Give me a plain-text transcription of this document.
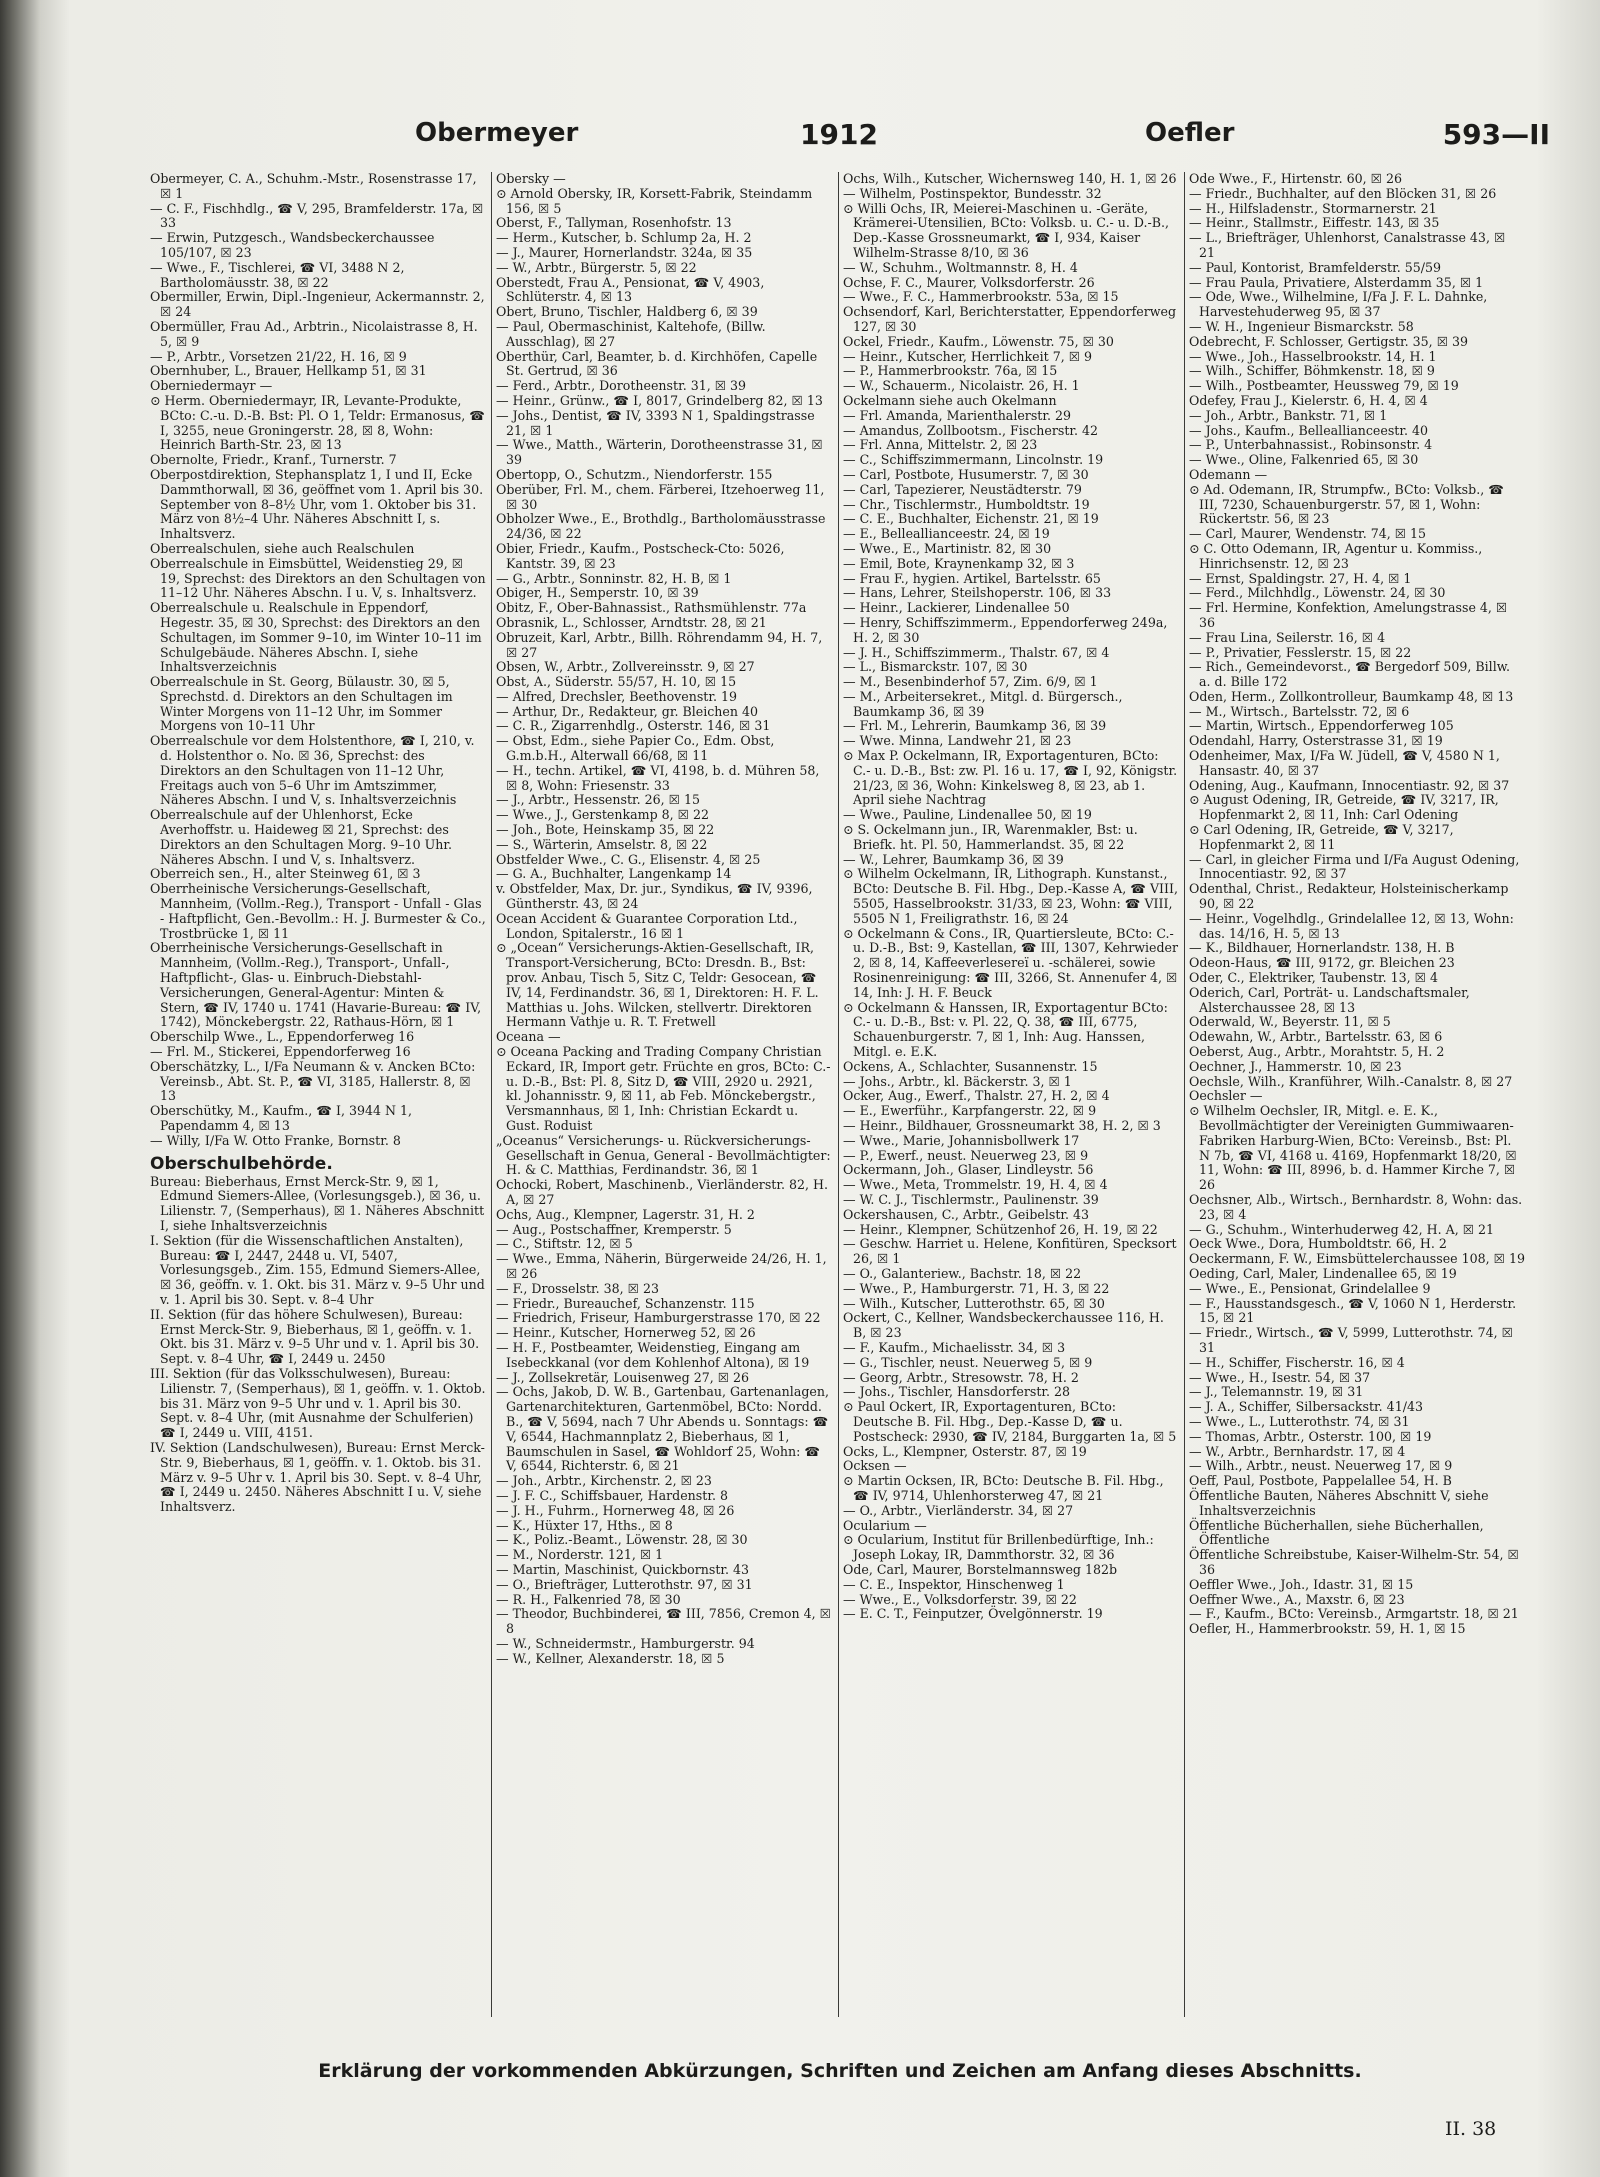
Obermeyer	1912	Oefler	593—II

Obermeyer, C. A., Schuhm.-Mstr., Rosenstrasse 17, ☒ 1

— C. F., Fischhdlg., ☎ V, 295, Bramfelderstr. 17a, ☒ 33

— Erwin, Putzgesch., Wandsbeckerchaussee 105/107, ☒ 23

— Wwe., F., Tischlerei, ☎ VI, 3488 N 2, Bartholomäusstr. 38, ☒ 22

Obermiller, Erwin, Dipl.-Ingenieur, Ackermannstr. 2, ☒ 24

Obermüller, Frau Ad., Arbtrin., Nicolaistrasse 8, H. 5, ☒ 9

— P., Arbtr., Vorsetzen 21/22, H. 16, ☒ 9

Obernhuber, L., Brauer, Hellkamp 51, ☒ 31

Oberniedermayr —

⊙ Herm. Oberniedermayr, IR, Levante-Produkte, BCto: C.-u. D.-B. Bst: Pl. O 1, Teldr: Ermanosus, ☎ I, 3255, neue Groningerstr. 28, ☒ 8, Wohn: Heinrich Barth-Str. 23, ☒ 13

Obernolte, Friedr., Kranf., Turnerstr. 7

Oberpostdirektion, Stephansplatz 1, I und II, Ecke Dammthorwall, ☒ 36, geöffnet vom 1. April bis 30. September von 8–8½ Uhr, vom 1. Oktober bis 31. März von 8½–4 Uhr. Näheres Abschnitt I, s. Inhaltsverz.

Oberrealschulen, siehe auch Realschulen

Oberrealschule in Eimsbüttel, Weidenstieg 29, ☒ 19, Sprechst: des Direktors an den Schultagen von 11–12 Uhr. Näheres Abschn. I u. V, s. Inhaltsverz.

Oberrealschule u. Realschule in Eppendorf, Hegestr. 35, ☒ 30, Sprechst: des Direktors an den Schultagen, im Sommer 9–10, im Winter 10–11 im Schulgebäude. Näheres Abschn. I, siehe Inhaltsverzeichnis

Oberrealschule in St. Georg, Bülaustr. 30, ☒ 5, Sprechstd. d. Direktors an den Schultagen im Winter Morgens von 11–12 Uhr, im Sommer Morgens von 10–11 Uhr

Oberrealschule vor dem Holstenthore, ☎ I, 210, v. d. Holstenthor o. No. ☒ 36, Sprechst: des Direktors an den Schultagen von 11–12 Uhr, Freitags auch von 5–6 Uhr im Amtszimmer, Näheres Abschn. I und V, s. Inhaltsverzeichnis

Oberrealschule auf der Uhlenhorst, Ecke Averhoffstr. u. Haideweg ☒ 21, Sprechst: des Direktors an den Schultagen Morg. 9–10 Uhr. Näheres Abschn. I und V, s. Inhaltsverz.

Oberreich sen., H., alter Steinweg 61, ☒ 3

Oberrheinische Versicherungs-Gesellschaft, Mannheim, (Vollm.-Reg.), Transport - Unfall - Glas - Haftpflicht, Gen.-Bevollm.: H. J. Burmester & Co., Trostbrücke 1, ☒ 11

Oberrheinische Versicherungs-Gesellschaft in Mannheim, (Vollm.-Reg.), Transport-, Unfall-, Haftpflicht-, Glas- u. Einbruch-Diebstahl-Versicherungen, General-Agentur: Minten & Stern, ☎ IV, 1740 u. 1741 (Havarie-Bureau: ☎ IV, 1742), Mönckebergstr. 22, Rathaus-Hörn, ☒ 1

Oberschilp Wwe., L., Eppendorferweg 16

— Frl. M., Stickerei, Eppendorferweg 16

Oberschätzky, L., I/Fa Neumann & v. Ancken BCto: Vereinsb., Abt. St. P., ☎ VI, 3185, Hallerstr. 8, ☒ 13

Oberschütky, M., Kaufm., ☎ I, 3944 N 1, Papendamm 4, ☒ 13

— Willy, I/Fa W. Otto Franke, Bornstr. 8

Oberschulbehörde.

Bureau: Bieberhaus, Ernst Merck-Str. 9, ☒ 1, Edmund Siemers-Allee, (Vorlesungsgeb.), ☒ 36, u. Lilienstr. 7, (Semperhaus), ☒ 1. Näheres Abschnitt I, siehe Inhaltsverzeichnis

I. Sektion (für die Wissenschaftlichen Anstalten), Bureau: ☎ I, 2447, 2448 u. VI, 5407, Vorlesungsgeb., Zim. 155, Edmund Siemers-Allee, ☒ 36, geöffn. v. 1. Okt. bis 31. März v. 9–5 Uhr und v. 1. April bis 30. Sept. v. 8–4 Uhr

II. Sektion (für das höhere Schulwesen), Bureau: Ernst Merck-Str. 9, Bieberhaus, ☒ 1, geöffn. v. 1. Okt. bis 31. März v. 9–5 Uhr und v. 1. April bis 30. Sept. v. 8–4 Uhr, ☎ I, 2449 u. 2450

III. Sektion (für das Volksschulwesen), Bureau: Lilienstr. 7, (Semperhaus), ☒ 1, geöffn. v. 1. Oktob. bis 31. März von 9–5 Uhr und v. 1. April bis 30. Sept. v. 8–4 Uhr, (mit Ausnahme der Schulferien) ☎ I, 2449 u. VIII, 4151.

IV. Sektion (Landschulwesen), Bureau: Ernst Merck-Str. 9, Bieberhaus, ☒ 1, geöffn. v. 1. Oktob. bis 31. März v. 9–5 Uhr v. 1. April bis 30. Sept. v. 8–4 Uhr, ☎ I, 2449 u. 2450. Näheres Abschnitt I u. V, siehe Inhaltsverz.

Obersky —

⊙ Arnold Obersky, IR, Korsett-Fabrik, Steindamm 156, ☒ 5

Oberst, F., Tallyman, Rosenhofstr. 13

— Herm., Kutscher, b. Schlump 2a, H. 2

— J., Maurer, Hornerlandstr. 324a, ☒ 35

— W., Arbtr., Bürgerstr. 5, ☒ 22

Oberstedt, Frau A., Pensionat, ☎ V, 4903, Schlüterstr. 4, ☒ 13

Obert, Bruno, Tischler, Haldberg 6, ☒ 39

— Paul, Obermaschinist, Kaltehofe, (Billw. Ausschlag), ☒ 27

Oberthür, Carl, Beamter, b. d. Kirchhöfen, Capelle St. Gertrud, ☒ 36

— Ferd., Arbtr., Dorotheenstr. 31, ☒ 39

— Heinr., Grünw., ☎ I, 8017, Grindelberg 82, ☒ 13

— Johs., Dentist, ☎ IV, 3393 N 1, Spaldingstrasse 21, ☒ 1

— Wwe., Matth., Wärterin, Dorotheenstrasse 31, ☒ 39

Obertopp, O., Schutzm., Niendorferstr. 155

Oberüber, Frl. M., chem. Färberei, Itzehoerweg 11, ☒ 30

Obholzer Wwe., E., Brothdlg., Bartholomäusstrasse 24/36, ☒ 22

Obier, Friedr., Kaufm., Postscheck-Cto: 5026, Kantstr. 39, ☒ 23

— G., Arbtr., Sonninstr. 82, H. B, ☒ 1

Obiger, H., Semperstr. 10, ☒ 39

Obitz, F., Ober-Bahnassist., Rathsmühlenstr. 77a

Obrasnik, L., Schlosser, Arndtstr. 28, ☒ 21

Obruzeit, Karl, Arbtr., Billh. Röhrendamm 94, H. 7, ☒ 27

Obsen, W., Arbtr., Zollvereinsstr. 9, ☒ 27

Obst, A., Süderstr. 55/57, H. 10, ☒ 15

— Alfred, Drechsler, Beethovenstr. 19

— Arthur, Dr., Redakteur, gr. Bleichen 40

— C. R., Zigarrenhdlg., Osterstr. 146, ☒ 31

— Obst, Edm., siehe Papier Co., Edm. Obst, G.m.b.H., Alterwall 66/68, ☒ 11

— H., techn. Artikel, ☎ VI, 4198, b. d. Mühren 58, ☒ 8, Wohn: Friesenstr. 33

— J., Arbtr., Hessenstr. 26, ☒ 15

— Wwe., J., Gerstenkamp 8, ☒ 22

— Joh., Bote, Heinskamp 35, ☒ 22

— S., Wärterin, Amselstr. 8, ☒ 22

Obstfelder Wwe., C. G., Elisenstr. 4, ☒ 25

— G. A., Buchhalter, Langenkamp 14

v. Obstfelder, Max, Dr. jur., Syndikus, ☎ IV, 9396, Güntherstr. 43, ☒ 24

Ocean Accident & Guarantee Corporation Ltd., London, Spitalerstr., 16 ☒ 1

⊙ „Ocean“ Versicherungs-Aktien-Gesellschaft, IR, Transport-Versicherung, BCto: Dresdn. B., Bst: prov. Anbau, Tisch 5, Sitz C, Teldr: Gesocean, ☎ IV, 14, Ferdinandstr. 36, ☒ 1, Direktoren: H. F. L. Matthias u. Johs. Wilcken, stellvertr. Direktoren Hermann Vathje u. R. T. Fretwell

Oceana —

⊙ Oceana Packing and Trading Company Christian Eckard, IR, Import getr. Früchte en gros, BCto: C.- u. D.-B., Bst: Pl. 8, Sitz D, ☎ VIII, 2920 u. 2921, kl. Johannisstr. 9, ☒ 11, ab Feb. Mönckebergstr., Versmannhaus, ☒ 1, Inh: Christian Eckardt u. Gust. Roduist

„Oceanus“ Versicherungs- u. Rückversicherungs-Gesellschaft in Genua, General - Bevollmächtigter: H. & C. Matthias, Ferdinandstr. 36, ☒ 1

Ochocki, Robert, Maschinenb., Vierländerstr. 82, H. A, ☒ 27

Ochs, Aug., Klempner, Lagerstr. 31, H. 2

— Aug., Postschaffner, Kremperstr. 5

— C., Stiftstr. 12, ☒ 5

— Wwe., Emma, Näherin, Bürgerweide 24/26, H. 1, ☒ 26

— F., Drosselstr. 38, ☒ 23

— Friedr., Bureauchef, Schanzenstr. 115

— Friedrich, Friseur, Hamburgerstrasse 170, ☒ 22

— Heinr., Kutscher, Hornerweg 52, ☒ 26

— H. F., Postbeamter, Weidenstieg, Eingang am Isebeckkanal (vor dem Kohlenhof Altona), ☒ 19

— J., Zollsekretär, Louisenweg 27, ☒ 26

— Ochs, Jakob, D. W. B., Gartenbau, Gartenanlagen, Gartenarchitekturen, Gartenmöbel, BCto: Nordd. B., ☎ V, 5694, nach 7 Uhr Abends u. Sonntags: ☎ V, 6544, Hachmannplatz 2, Bieberhaus, ☒ 1, Baumschulen in Sasel, ☎ Wohldorf 25, Wohn: ☎ V, 6544, Richterstr. 6, ☒ 21

— Joh., Arbtr., Kirchenstr. 2, ☒ 23

— J. F. C., Schiffsbauer, Hardenstr. 8

— J. H., Fuhrm., Hornerweg 48, ☒ 26

— K., Hüxter 17, Hths., ☒ 8

— K., Poliz.-Beamt., Löwenstr. 28, ☒ 30

— M., Norderstr. 121, ☒ 1

— Martin, Maschinist, Quickbornstr. 43

— O., Briefträger, Lutterothstr. 97, ☒ 31

— R. H., Falkenried 78, ☒ 30

— Theodor, Buchbinderei, ☎ III, 7856, Cremon 4, ☒ 8

— W., Schneidermstr., Hamburgerstr. 94

— W., Kellner, Alexanderstr. 18, ☒ 5

Ochs, Wilh., Kutscher, Wichernsweg 140, H. 1, ☒ 26

— Wilhelm, Postinspektor, Bundesstr. 32

⊙ Willi Ochs, IR, Meierei-Maschinen u. -Geräte, Krämerei-Utensilien, BCto: Volksb. u. C.- u. D.-B., Dep.-Kasse Grossneumarkt, ☎ I, 934, Kaiser Wilhelm-Strasse 8/10, ☒ 36

— W., Schuhm., Woltmannstr. 8, H. 4

Ochse, F. C., Maurer, Volksdorferstr. 26

— Wwe., F. C., Hammerbrookstr. 53a, ☒ 15

Ochsendorf, Karl, Berichterstatter, Eppendorferweg 127, ☒ 30

Ockel, Friedr., Kaufm., Löwenstr. 75, ☒ 30

— Heinr., Kutscher, Herrlichkeit 7, ☒ 9

— P., Hammerbrookstr. 76a, ☒ 15

— W., Schauerm., Nicolaistr. 26, H. 1

Ockelmann siehe auch Okelmann

— Frl. Amanda, Marienthalerstr. 29

— Amandus, Zollbootsm., Fischerstr. 42

— Frl. Anna, Mittelstr. 2, ☒ 23

— C., Schiffszimmermann, Lincolnstr. 19

— Carl, Postbote, Husumerstr. 7, ☒ 30

— Carl, Tapezierer, Neustädterstr. 79

— Chr., Tischlermstr., Humboldtstr. 19

— C. E., Buchhalter, Eichenstr. 21, ☒ 19

— E., Belleallianceestr. 24, ☒ 19

— Wwe., E., Martinistr. 82, ☒ 30

— Emil, Bote, Kraynenkamp 32, ☒ 3

— Frau F., hygien. Artikel, Bartelsstr. 65

— Hans, Lehrer, Steilshoperstr. 106, ☒ 33

— Heinr., Lackierer, Lindenallee 50

— Henry, Schiffszimmerm., Eppendorferweg 249a, H. 2, ☒ 30

— J. H., Schiffszimmerm., Thalstr. 67, ☒ 4

— L., Bismarckstr. 107, ☒ 30

— M., Besenbinderhof 57, Zim. 6/9, ☒ 1

— M., Arbeitersekret., Mitgl. d. Bürgersch., Baumkamp 36, ☒ 39

— Frl. M., Lehrerin, Baumkamp 36, ☒ 39

— Wwe. Minna, Landwehr 21, ☒ 23

⊙ Max P. Ockelmann, IR, Exportagenturen, BCto: C.- u. D.-B., Bst: zw. Pl. 16 u. 17, ☎ I, 92, Königstr. 21/23, ☒ 36, Wohn: Kinkelsweg 8, ☒ 23, ab 1. April siehe Nachtrag

— Wwe., Pauline, Lindenallee 50, ☒ 19

⊙ S. Ockelmann jun., IR, Warenmakler, Bst: u. Briefk. ht. Pl. 50, Hammerlandst. 35, ☒ 22

— W., Lehrer, Baumkamp 36, ☒ 39

⊙ Wilhelm Ockelmann, IR, Lithograph. Kunstanst., BCto: Deutsche B. Fil. Hbg., Dep.-Kasse A, ☎ VIII, 5505, Hasselbrookstr. 31/33, ☒ 23, Wohn: ☎ VIII, 5505 N 1, Freiligrathstr. 16, ☒ 24

⊙ Ockelmann & Cons., IR, Quartiersleute, BCto: C.- u. D.-B., Bst: 9, Kastellan, ☎ III, 1307, Kehrwieder 2, ☒ 8, 14, Kaffeeverlesereï u. -schälerei, sowie Rosinenreinigung: ☎ III, 3266, St. Annenufer 4, ☒ 14, Inh: J. H. F. Beuck

⊙ Ockelmann & Hanssen, IR, Exportagentur BCto: C.- u. D.-B., Bst: v. Pl. 22, Q. 38, ☎ III, 6775, Schauenburgerstr. 7, ☒ 1, Inh: Aug. Hanssen, Mitgl. e. E.K.

Ockens, A., Schlachter, Susannenstr. 15

— Johs., Arbtr., kl. Bäckerstr. 3, ☒ 1

Ocker, Aug., Ewerf., Thalstr. 27, H. 2, ☒ 4

— E., Ewerführ., Karpfangerstr. 22, ☒ 9

— Heinr., Bildhauer, Grossneumarkt 38, H. 2, ☒ 3

— Wwe., Marie, Johannisbollwerk 17

— P., Ewerf., neust. Neuerweg 23, ☒ 9

Ockermann, Joh., Glaser, Lindleystr. 56

— Wwe., Meta, Trommelstr. 19, H. 4, ☒ 4

— W. C. J., Tischlermstr., Paulinenstr. 39

Ockershausen, C., Arbtr., Geibelstr. 43

— Heinr., Klempner, Schützenhof 26, H. 19, ☒ 22

— Geschw. Harriet u. Helene, Konfitüren, Specksort 26, ☒ 1

— O., Galanteriew., Bachstr. 18, ☒ 22

— Wwe., P., Hamburgerstr. 71, H. 3, ☒ 22

— Wilh., Kutscher, Lutterothstr. 65, ☒ 30

Ockert, C., Kellner, Wandsbeckerchaussee 116, H. B, ☒ 23

— F., Kaufm., Michaelisstr. 34, ☒ 3

— G., Tischler, neust. Neuerweg 5, ☒ 9

— Georg, Arbtr., Stresowstr. 78, H. 2

— Johs., Tischler, Hansdorferstr. 28

⊙ Paul Ockert, IR, Exportagenturen, BCto: Deutsche B. Fil. Hbg., Dep.-Kasse D, ☎ u. Postscheck: 2930, ☎ IV, 2184, Burggarten 1a, ☒ 5

Ocks, L., Klempner, Osterstr. 87, ☒ 19

Ocksen —

⊙ Martin Ocksen, IR, BCto: Deutsche B. Fil. Hbg., ☎ IV, 9714, Uhlenhorsterweg 47, ☒ 21

— O., Arbtr., Vierländerstr. 34, ☒ 27

Ocularium —

⊙ Ocularium, Institut für Brillenbedürftige, Inh.: Joseph Lokay, IR, Dammthorstr. 32, ☒ 36

Ode, Carl, Maurer, Borstelmannsweg 182b

— C. E., Inspektor, Hinschenweg 1

— Wwe., E., Volksdorferstr. 39, ☒ 22

— E. C. T., Feinputzer, Övelgönnerstr. 19

Ode Wwe., F., Hirtenstr. 60, ☒ 26

— Friedr., Buchhalter, auf den Blöcken 31, ☒ 26

— H., Hilfsladenstr., Stormarnerstr. 21

— Heinr., Stallmstr., Eiffestr. 143, ☒ 35

— L., Briefträger, Uhlenhorst, Canalstrasse 43, ☒ 21

— Paul, Kontorist, Bramfelderstr. 55/59

— Frau Paula, Privatiere, Alsterdamm 35, ☒ 1

— Ode, Wwe., Wilhelmine, I/Fa J. F. L. Dahnke, Harvestehuderweg 95, ☒ 37

— W. H., Ingenieur Bismarckstr. 58

Odebrecht, F. Schlosser, Gertigstr. 35, ☒ 39

— Wwe., Joh., Hasselbrookstr. 14, H. 1

— Wilh., Schiffer, Böhmkenstr. 18, ☒ 9

— Wilh., Postbeamter, Heussweg 79, ☒ 19

Odefey, Frau J., Kielerstr. 6, H. 4, ☒ 4

— Joh., Arbtr., Bankstr. 71, ☒ 1

— Johs., Kaufm., Belleallianceestr. 40

— P., Unterbahnassist., Robinsonstr. 4

— Wwe., Oline, Falkenried 65, ☒ 30

Odemann —

⊙ Ad. Odemann, IR, Strumpfw., BCto: Volksb., ☎ III, 7230, Schauenburgerstr. 57, ☒ 1, Wohn: Rückertstr. 56, ☒ 23

— Carl, Maurer, Wendenstr. 74, ☒ 15

⊙ C. Otto Odemann, IR, Agentur u. Kommiss., Hinrichsenstr. 12, ☒ 23

— Ernst, Spaldingstr. 27, H. 4, ☒ 1

— Ferd., Milchhdlg., Löwenstr. 24, ☒ 30

— Frl. Hermine, Konfektion, Amelungstrasse 4, ☒ 36

— Frau Lina, Seilerstr. 16, ☒ 4

— P., Privatier, Fesslerstr. 15, ☒ 22

— Rich., Gemeindevorst., ☎ Bergedorf 509, Billw. a. d. Bille 172

Oden, Herm., Zollkontrolleur, Baumkamp 48, ☒ 13

— M., Wirtsch., Bartelsstr. 72, ☒ 6

— Martin, Wirtsch., Eppendorferweg 105

Odendahl, Harry, Osterstrasse 31, ☒ 19

Odenheimer, Max, I/Fa W. Jüdell, ☎ V, 4580 N 1, Hansastr. 40, ☒ 37

Odening, Aug., Kaufmann, Innocentiastr. 92, ☒ 37

⊙ August Odening, IR, Getreide, ☎ IV, 3217, IR, Hopfenmarkt 2, ☒ 11, Inh: Carl Odening

⊙ Carl Odening, IR, Getreide, ☎ V, 3217, Hopfenmarkt 2, ☒ 11

— Carl, in gleicher Firma und I/Fa August Odening, Innocentiastr. 92, ☒ 37

Odenthal, Christ., Redakteur, Holsteinischerkamp 90, ☒ 22

— Heinr., Vogelhdlg., Grindelallee 12, ☒ 13, Wohn: das. 14/16, H. 5, ☒ 13

— K., Bildhauer, Hornerlandstr. 138, H. B

Odeon-Haus, ☎ III, 9172, gr. Bleichen 23

Oder, C., Elektriker, Taubenstr. 13, ☒ 4

Oderich, Carl, Porträt- u. Landschaftsmaler, Alsterchaussee 28, ☒ 13

Oderwald, W., Beyerstr. 11, ☒ 5

Odewahn, W., Arbtr., Bartelsstr. 63, ☒ 6

Oeberst, Aug., Arbtr., Morahtstr. 5, H. 2

Oechner, J., Hammerstr. 10, ☒ 23

Oechsle, Wilh., Kranführer, Wilh.-Canalstr. 8, ☒ 27

Oechsler —

⊙ Wilhelm Oechsler, IR, Mitgl. e. E. K., Bevollmächtigter der Vereinigten Gummiwaaren-Fabriken Harburg-Wien, BCto: Vereinsb., Bst: Pl. N 7b, ☎ VI, 4168 u. 4169, Hopfenmarkt 18/20, ☒ 11, Wohn: ☎ III, 8996, b. d. Hammer Kirche 7, ☒ 26

Oechsner, Alb., Wirtsch., Bernhardstr. 8, Wohn: das. 23, ☒ 4

— G., Schuhm., Winterhuderweg 42, H. A, ☒ 21

Oeck Wwe., Dora, Humboldtstr. 66, H. 2

Oeckermann, F. W., Eimsbüttelerchaussee 108, ☒ 19

Oeding, Carl, Maler, Lindenallee 65, ☒ 19

— Wwe., E., Pensionat, Grindelallee 9

— F., Hausstandsgesch., ☎ V, 1060 N 1, Herderstr. 15, ☒ 21

— Friedr., Wirtsch., ☎ V, 5999, Lutterothstr. 74, ☒ 31

— H., Schiffer, Fischerstr. 16, ☒ 4

— Wwe., H., Isestr. 54, ☒ 37

— J., Telemannstr. 19, ☒ 31

— J. A., Schiffer, Silbersackstr. 41/43

— Wwe., L., Lutterothstr. 74, ☒ 31

— Thomas, Arbtr., Osterstr. 100, ☒ 19

— W., Arbtr., Bernhardstr. 17, ☒ 4

— Wilh., Arbtr., neust. Neuerweg 17, ☒ 9

Oeff, Paul, Postbote, Pappelallee 54, H. B

Öffentliche Bauten, Näheres Abschnitt V, siehe Inhaltsverzeichnis

Öffentliche Bücherhallen, siehe Bücherhallen, Öffentliche

Öffentliche Schreibstube, Kaiser-Wilhelm-Str. 54, ☒ 36

Oeffler Wwe., Joh., Idastr. 31, ☒ 15

Oeffner Wwe., A., Maxstr. 6, ☒ 23

— F., Kaufm., BCto: Vereinsb., Armgartstr. 18, ☒ 21

Oefler, H., Hammerbrookstr. 59, H. 1, ☒ 15

Erklärung der vorkommenden Abkürzungen, Schriften und Zeichen am Anfang dieses Abschnitts.
II. 38
